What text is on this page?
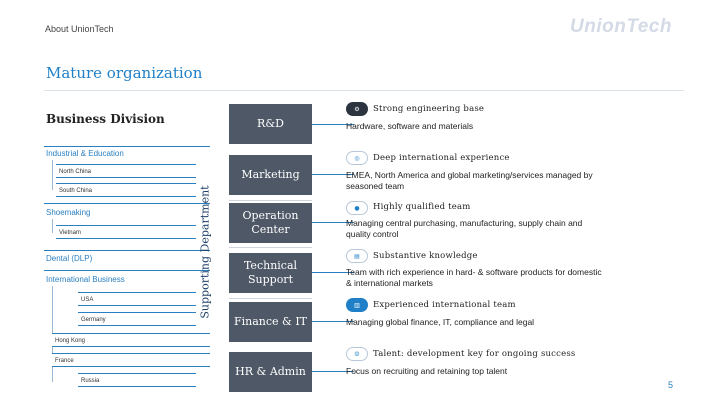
About UnionTech	UnionTech
Mature organization
Business Division
Industrial & Education
North China
South China
Shoemaking
Vietnam
Dental (DLP)
International Business
USA
Germany
Hong Kong
France
Russia
Supporting Department
R&D
Marketing
Operation Center
Technical Support
Finance & IT
HR & Admin
⚙	Strong engineering base
Hardware, software and materials
◎	Deep international experience
EMEA, North America and global marketing/services managed by seasoned team
●	Highly qualified team
Managing central purchasing, manufacturing, supply chain and quality control
▤	Substantive knowledge
Team with rich experience in hard- & software products for domestic & international markets
▥	Experienced international team
Managing global finance, IT, compliance and legal
☺	Talent: development key for ongoing success
Focus on recruiting and retaining top talent
5
